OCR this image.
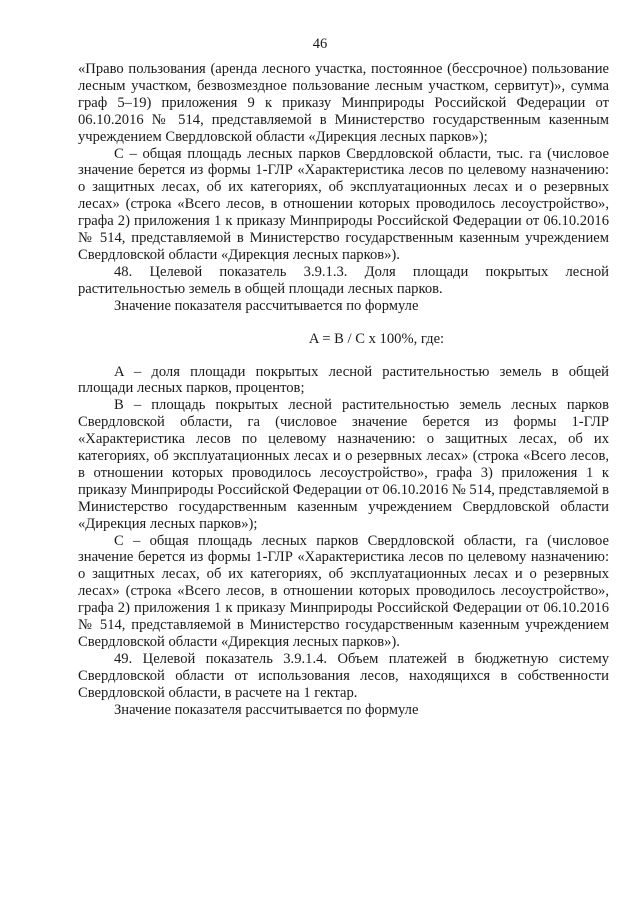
46

«Право пользования (аренда лесного участка, постоянное (бессрочное) пользование лесным участком, безвозмездное пользование лесным участком, сервитут)», сумма граф 5–19) приложения 9 к приказу Минприроды Российской Федерации от 06.10.2016 № 514, представляемой в Министерство государственным казенным учреждением Свердловской области «Дирекция лесных парков»);

С – общая площадь лесных парков Свердловской области, тыс. га (числовое значение берется из формы 1-ГЛР «Характеристика лесов по целевому назначению: о защитных лесах, об их категориях, об эксплуатационных лесах и о резервных лесах» (строка «Всего лесов, в отношении которых проводилось лесоустройство», графа 2) приложения 1 к приказу Минприроды Российской Федерации от 06.10.2016 № 514, представляемой в Министерство государственным казенным учреждением Свердловской области «Дирекция лесных парков»).

48. Целевой показатель 3.9.1.3. Доля площади покрытых лесной растительностью земель в общей площади лесных парков.

Значение показателя рассчитывается по формуле

A = B / C x 100%, где:

A – доля площади покрытых лесной растительностью земель в общей площади лесных парков, процентов;

B – площадь покрытых лесной растительностью земель лесных парков Свердловской области, га (числовое значение берется из формы 1-ГЛР «Характеристика лесов по целевому назначению: о защитных лесах, об их категориях, об эксплуатационных лесах и о резервных лесах» (строка «Всего лесов, в отношении которых проводилось лесоустройство», графа 3) приложения 1 к приказу Минприроды Российской Федерации от 06.10.2016 № 514, представляемой в Министерство государственным казенным учреждением Свердловской области «Дирекция лесных парков»);

С – общая площадь лесных парков Свердловской области, га (числовое значение берется из формы 1-ГЛР «Характеристика лесов по целевому назначению: о защитных лесах, об их категориях, об эксплуатационных лесах и о резервных лесах» (строка «Всего лесов, в отношении которых проводилось лесоустройство», графа 2) приложения 1 к приказу Минприроды Российской Федерации от 06.10.2016 № 514, представляемой в Министерство государственным казенным учреждением Свердловской области «Дирекция лесных парков»).

49. Целевой показатель 3.9.1.4. Объем платежей в бюджетную систему Свердловской области от использования лесов, находящихся в собственности Свердловской области, в расчете на 1 гектар.

Значение показателя рассчитывается по формуле
